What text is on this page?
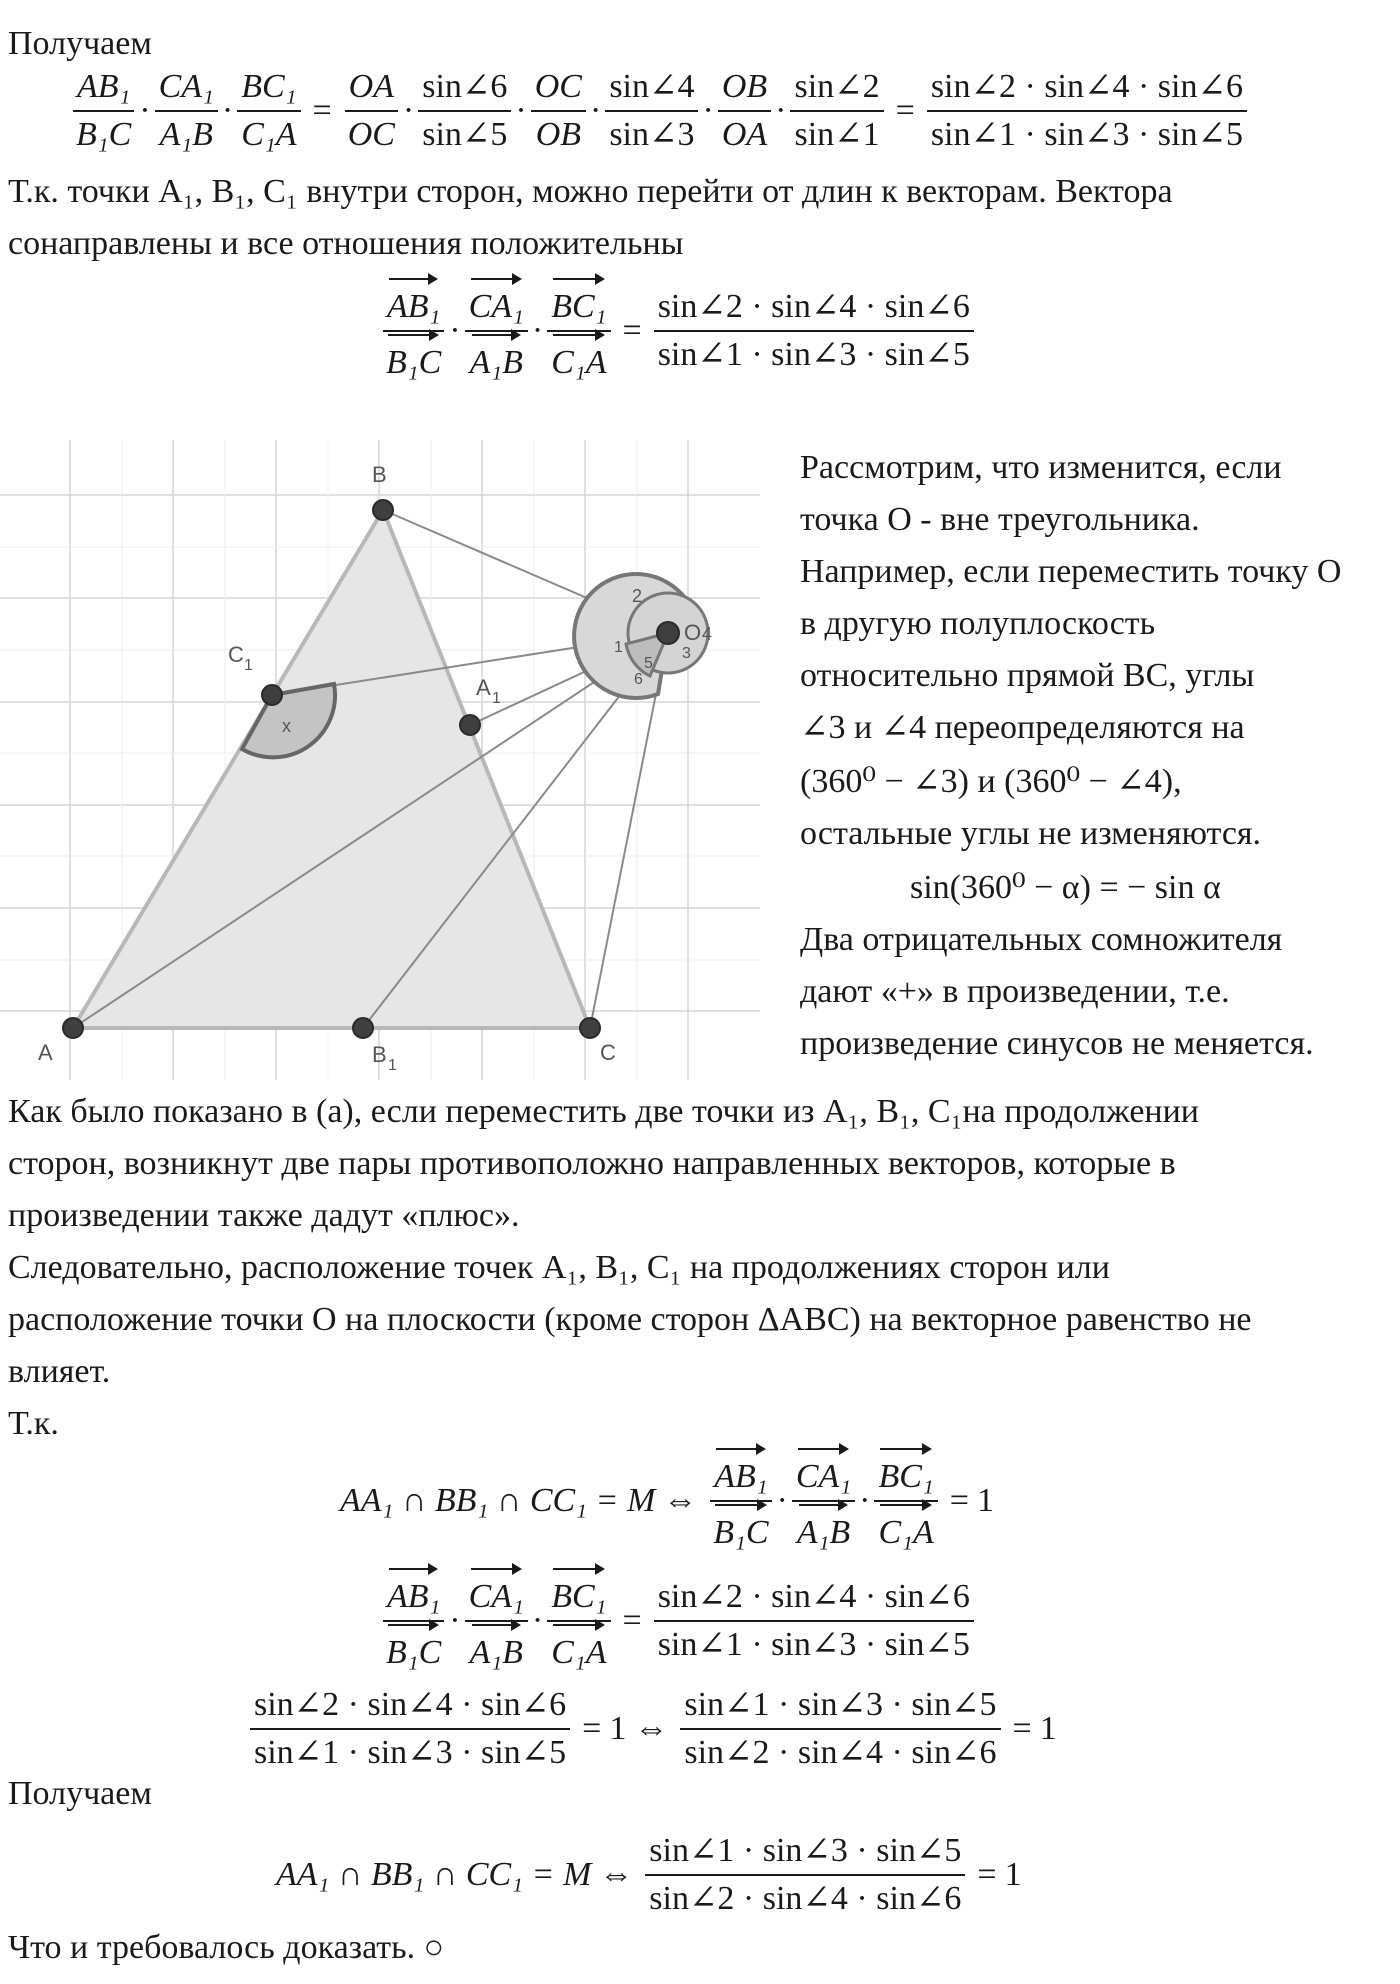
Получаем
$\frac{\text{AB₁}}{\text{B₁C}} \cdot \frac{\text{CA₁}}{\text{A₁B}} \cdot \frac{\text{BC₁}}{\text{C₁A}} = \frac{OA}{OC} \cdot \frac{\sin\angle 6}{\sin\angle 5} \cdot \frac{OC}{OB} \cdot \frac{\sin\angle 4}{\sin\angle 3} \cdot \frac{OB}{OA} \cdot \frac{\sin\angle 2}{\sin\angle 1} = \frac{\sin\angle 2 \cdot \sin\angle 4 \cdot \sin\angle 6}{\sin\angle 1 \cdot \sin\angle 3 \cdot \sin\angle 5}$
Т.к. точки A₁, B₁, C₁ внутри сторон, можно перейти от длин к векторам. Вектора
сонаправлены и все отношения положительны
$\frac{\text{AB₁}}{\text{B₁C}} \cdot \frac{\text{CA₁}}{\text{A₁B}} \cdot \frac{\text{BC₁}}{\text{C₁A}} = \frac{\sin\angle 2 \cdot \sin\angle 4 \cdot \sin\angle 6}{\sin\angle 1 \cdot \sin\angle 3 \cdot \sin\angle 5}$
A
B
C
C 1
A 1
B 1
O
x
2
4
3
1
5
6
Рассмотрим, что изменится, если
точка O - вне треугольника.
Например, если переместить точку O
в другую полуплоскость
относительно прямой BC, углы
∠3 и ∠4 переопределяются на
(360⁰ − ∠3) и (360⁰ − ∠4),
остальные углы не изменяются.
sin(360⁰ − α) = − sin α
Два отрицательных сомножителя
дают «+» в произведении, т.е.
произведение синусов не меняется.
Как было показано в (а), если переместить две точки из A₁, B₁, C₁на продолжении
сторон, возникнут две пары противоположно направленных векторов, которые в
произведении также дадут «плюс».
Следовательно, расположение точек A₁, B₁, C₁ на продолжениях сторон или
расположение точки O на плоскости (кроме сторон ΔABC) на векторное равенство не
влияет.
Т.к.
AA₁ ∩ BB₁ ∩ CC₁ = M ⇔ $\frac{\text{AB₁}}{\text{B₁C}} \cdot \frac{\text{CA₁}}{\text{A₁B}} \cdot \frac{\text{BC₁}}{\text{C₁A}} = 1$
$\frac{\text{AB₁}}{\text{B₁C}} \cdot \frac{\text{CA₁}}{\text{A₁B}} \cdot \frac{\text{BC₁}}{\text{C₁A}} = \frac{\sin\angle 2 \cdot \sin\angle 4 \cdot \sin\angle 6}{\sin\angle 1 \cdot \sin\angle 3 \cdot \sin\angle 5}$
$\frac{\sin\angle 2 \cdot \sin\angle 4 \cdot \sin\angle 6}{\sin\angle 1 \cdot \sin\angle 3 \cdot \sin\angle 5} = 1$ ⇔ $\frac{\sin\angle 1 \cdot \sin\angle 3 \cdot \sin\angle 5}{\sin\angle 2 \cdot \sin\angle 4 \cdot \sin\angle 6} = 1$
Получаем
AA₁ ∩ BB₁ ∩ CC₁ = M ⇔ $\frac{\sin\angle 1 \cdot \sin\angle 3 \cdot \sin\angle 5}{\sin\angle 2 \cdot \sin\angle 4 \cdot \sin\angle 6} = 1$
Что и требовалось доказать. ○
